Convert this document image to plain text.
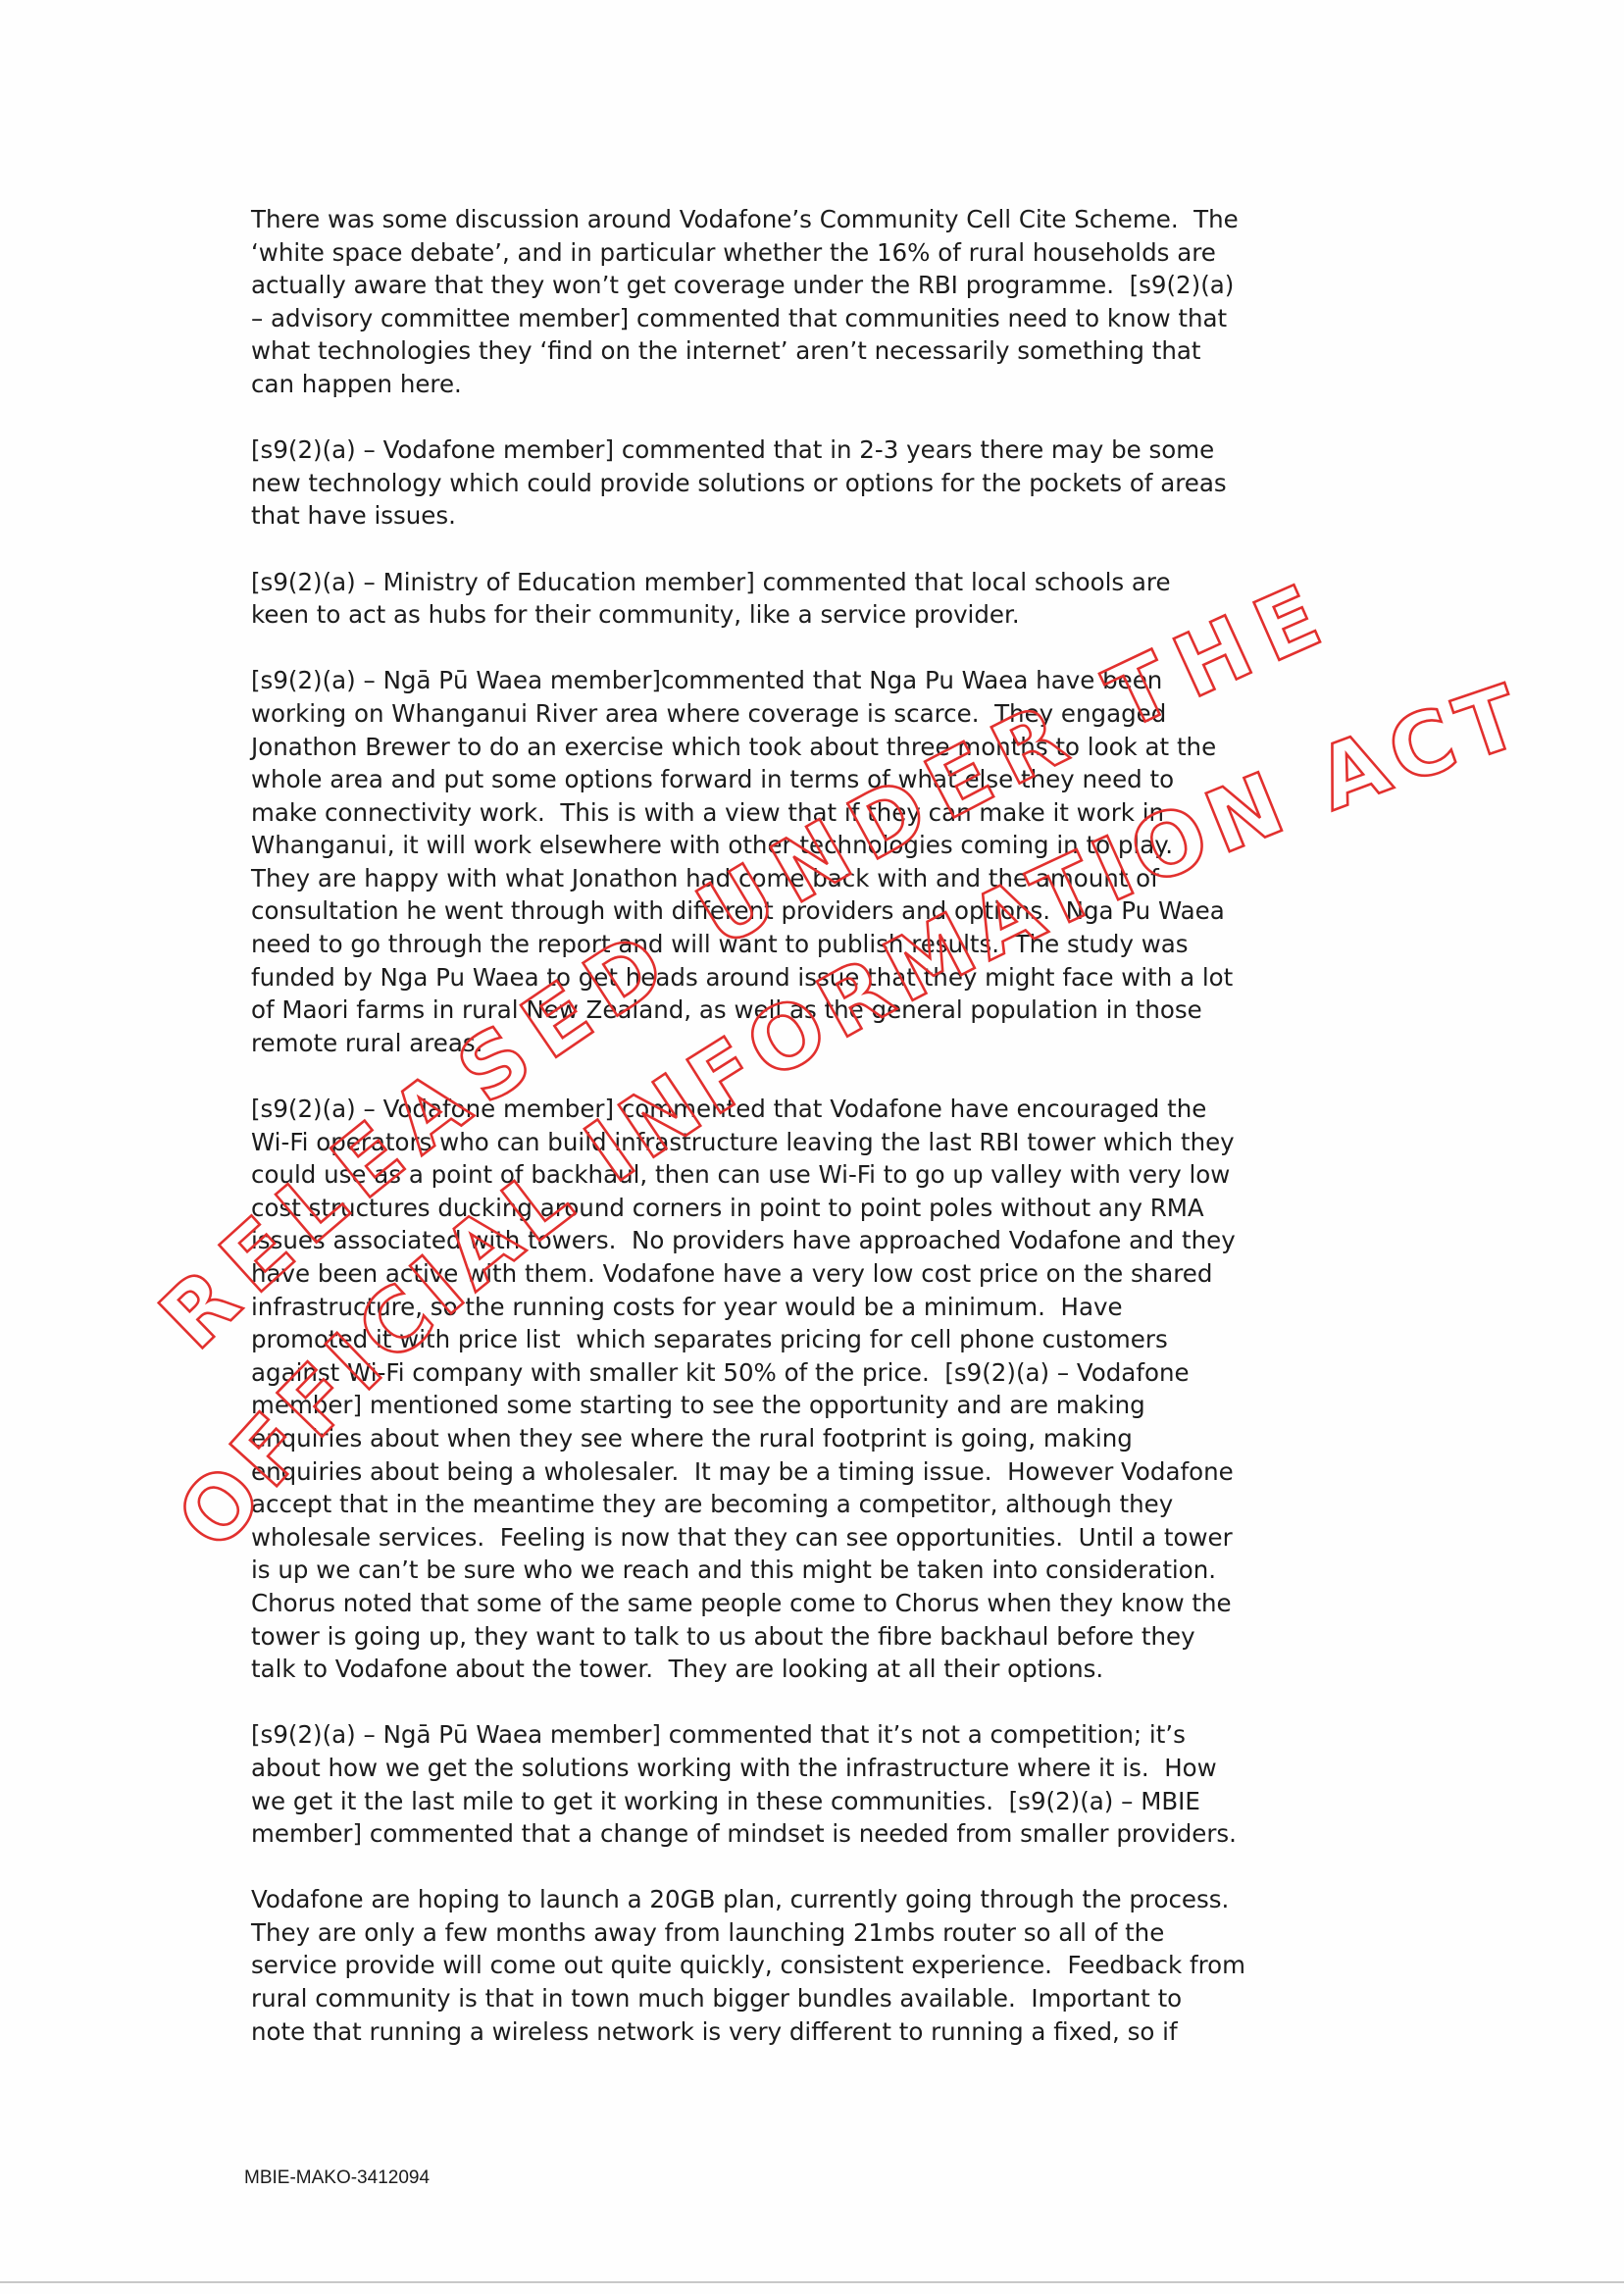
There was some discussion around Vodafone’s Community Cell Cite Scheme.  The
‘white space debate’, and in particular whether the 16% of rural households are
actually aware that they won’t get coverage under the RBI programme.  [s9(2)(a)
– advisory committee member] commented that communities need to know that
what technologies they ‘find on the internet’ aren’t necessarily something that
can happen here.
[s9(2)(a) – Vodafone member] commented that in 2-3 years there may be some
new technology which could provide solutions or options for the pockets of areas
that have issues.
[s9(2)(a) – Ministry of Education member] commented that local schools are
keen to act as hubs for their community, like a service provider.
[s9(2)(a) – Ngā Pū Waea member]commented that Nga Pu Waea have been
working on Whanganui River area where coverage is scarce.  They engaged
Jonathon Brewer to do an exercise which took about three months to look at the
whole area and put some options forward in terms of what else they need to
make connectivity work.  This is with a view that if they can make it work in
Whanganui, it will work elsewhere with other technologies coming in to play.
They are happy with what Jonathon had come back with and the amount of
consultation he went through with different providers and options.  Nga Pu Waea
need to go through the report and will want to publish results.  The study was
funded by Nga Pu Waea to get heads around issue that they might face with a lot
of Maori farms in rural New Zealand, as well as the general population in those
remote rural areas.
[s9(2)(a) – Vodafone member] commented that Vodafone have encouraged the
Wi-Fi operators who can build infrastructure leaving the last RBI tower which they
could use as a point of backhaul, then can use Wi-Fi to go up valley with very low
cost structures ducking around corners in point to point poles without any RMA
issues associated with towers.  No providers have approached Vodafone and they
have been active with them. Vodafone have a very low cost price on the shared
infrastructure, so the running costs for year would be a minimum.  Have
promoted it with price list  which separates pricing for cell phone customers
against Wi-Fi company with smaller kit 50% of the price.  [s9(2)(a) – Vodafone
member] mentioned some starting to see the opportunity and are making
enquiries about when they see where the rural footprint is going, making
enquiries about being a wholesaler.  It may be a timing issue.  However Vodafone
accept that in the meantime they are becoming a competitor, although they
wholesale services.  Feeling is now that they can see opportunities.  Until a tower
is up we can’t be sure who we reach and this might be taken into consideration.
Chorus noted that some of the same people come to Chorus when they know the
tower is going up, they want to talk to us about the fibre backhaul before they
talk to Vodafone about the tower.  They are looking at all their options.
[s9(2)(a) – Ngā Pū Waea member] commented that it’s not a competition; it’s
about how we get the solutions working with the infrastructure where it is.  How
we get it the last mile to get it working in these communities.  [s9(2)(a) – MBIE
member] commented that a change of mindset is needed from smaller providers.
Vodafone are hoping to launch a 20GB plan, currently going through the process.
They are only a few months away from launching 21mbs router so all of the
service provide will come out quite quickly, consistent experience.  Feedback from
rural community is that in town much bigger bundles available.  Important to
note that running a wireless network is very different to running a fixed, so if
RELEASED UNDER THE
OFFICIAL INFORMATION ACT
MBIE-MAKO-3412094
